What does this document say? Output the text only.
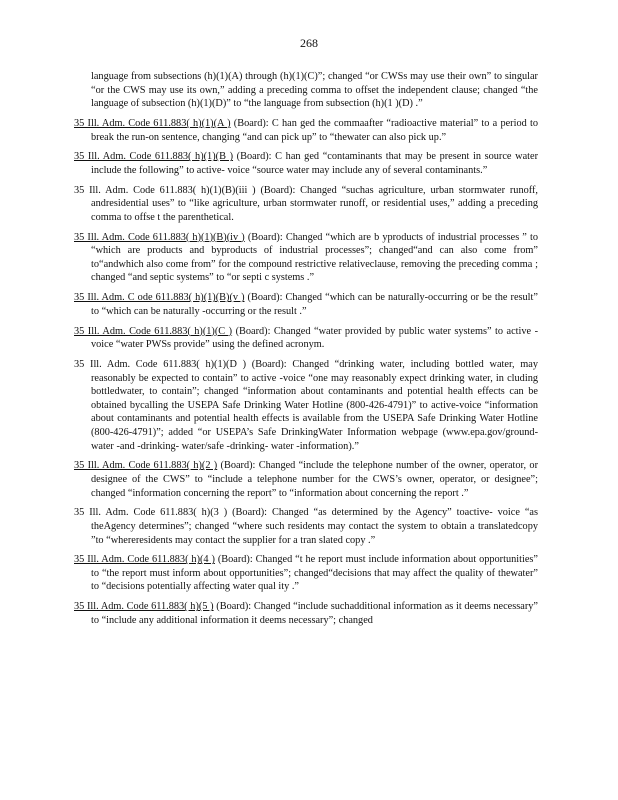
268

language from subsections (h)(1)(A) through (h)(1)(C)”; changed “or CWSs may use their own” to singular “or the CWS may use its own,” adding a preceding comma to offset the independent clause; changed “the language of subsection (h)(1)(D)” to “the language from subsection (h)(1 )(D) .”

35 Ill. Adm. Code 611.883( h)(1)(A ) (Board): C han ged the commaafter “radioactive material” to a period to break the run-on sentence, changing “and can pick up” to “thewater can also pick up.”

35 Ill. Adm. Code 611.883( h)(1)(B ) (Board): C han ged “contaminants that may be present in source water include the following” to active- voice “source water may include any of several contaminants.”

35 Ill. Adm. Code 611.883( h)(1)(B)(iii ) (Board): Changed “suchas agriculture, urban stormwater runoff, andresidential uses” to “like agriculture, urban stormwater runoff, or residential uses,” adding a preceding comma to offse t the parenthetical.

35 Ill. Adm. Code 611.883( h)(1)(B)(iv ) (Board): Changed “which are b yproducts of industrial processes ” to “which are products and byproducts of industrial processes”; changed“and can also come from” to“andwhich also come from” for the compound restrictive relativeclause, removing the preceding comma ; changed “and septic systems” to “or septi c systems .”

35 Ill. Adm. C ode 611.883( h)(1)(B)(v ) (Board): Changed “which can be naturally-occurring or be the result” to “which can be naturally -occurring or the result .”

35 Ill. Adm. Code 611.883( h)(1)(C ) (Board): Changed “water provided by public water systems” to active -voice “water PWSs provide” using the defined acronym.

35 Ill. Adm. Code 611.883( h)(1)(D ) (Board): Changed “drinking water, including bottled water, may reasonably be expected to contain” to active -voice “one may reasonably expect drinking water, in cluding bottledwater, to contain”; changed “information about contaminants and potential health effects can be obtained bycalling the USEPA Safe Drinking Water Hotline (800-426-4791)” to active-voice “information about contaminants and potential health effects is available from the USEPA Safe Drinking Water Hotline (800-426-4791)”; added “or USEPA’s Safe DrinkingWater Information webpage (www.epa.gov/ground- water -and -drinking- water/safe -drinking- water -information).”

35 Ill. Adm. Code 611.883( h)(2 ) (Board): Changed “include the telephone number of the owner, operator, or designee of the CWS” to “include a telephone number for the CWS’s owner, operator, or designee”; changed “information concerning the report” to “information about concerning the report .”

35 Ill. Adm. Code 611.883( h)(3 ) (Board): Changed “as determined by the Agency” toactive- voice “as theAgency determines”; changed “where such residents may contact the system to obtain a translatedcopy ”to “whereresidents may contact the supplier for a tran slated copy .”

35 Ill. Adm. Code 611.883( h)(4 ) (Board): Changed “t he report must include information about opportunities” to “the report must inform about opportunities”; changed“decisions that may affect the quality of thewater” to “decisions potentially affecting water qual ity .”

35 Ill. Adm. Code 611.883( h)(5 ) (Board): Changed “include suchadditional information as it deems necessary” to “include any additional information it deems necessary”; changed
